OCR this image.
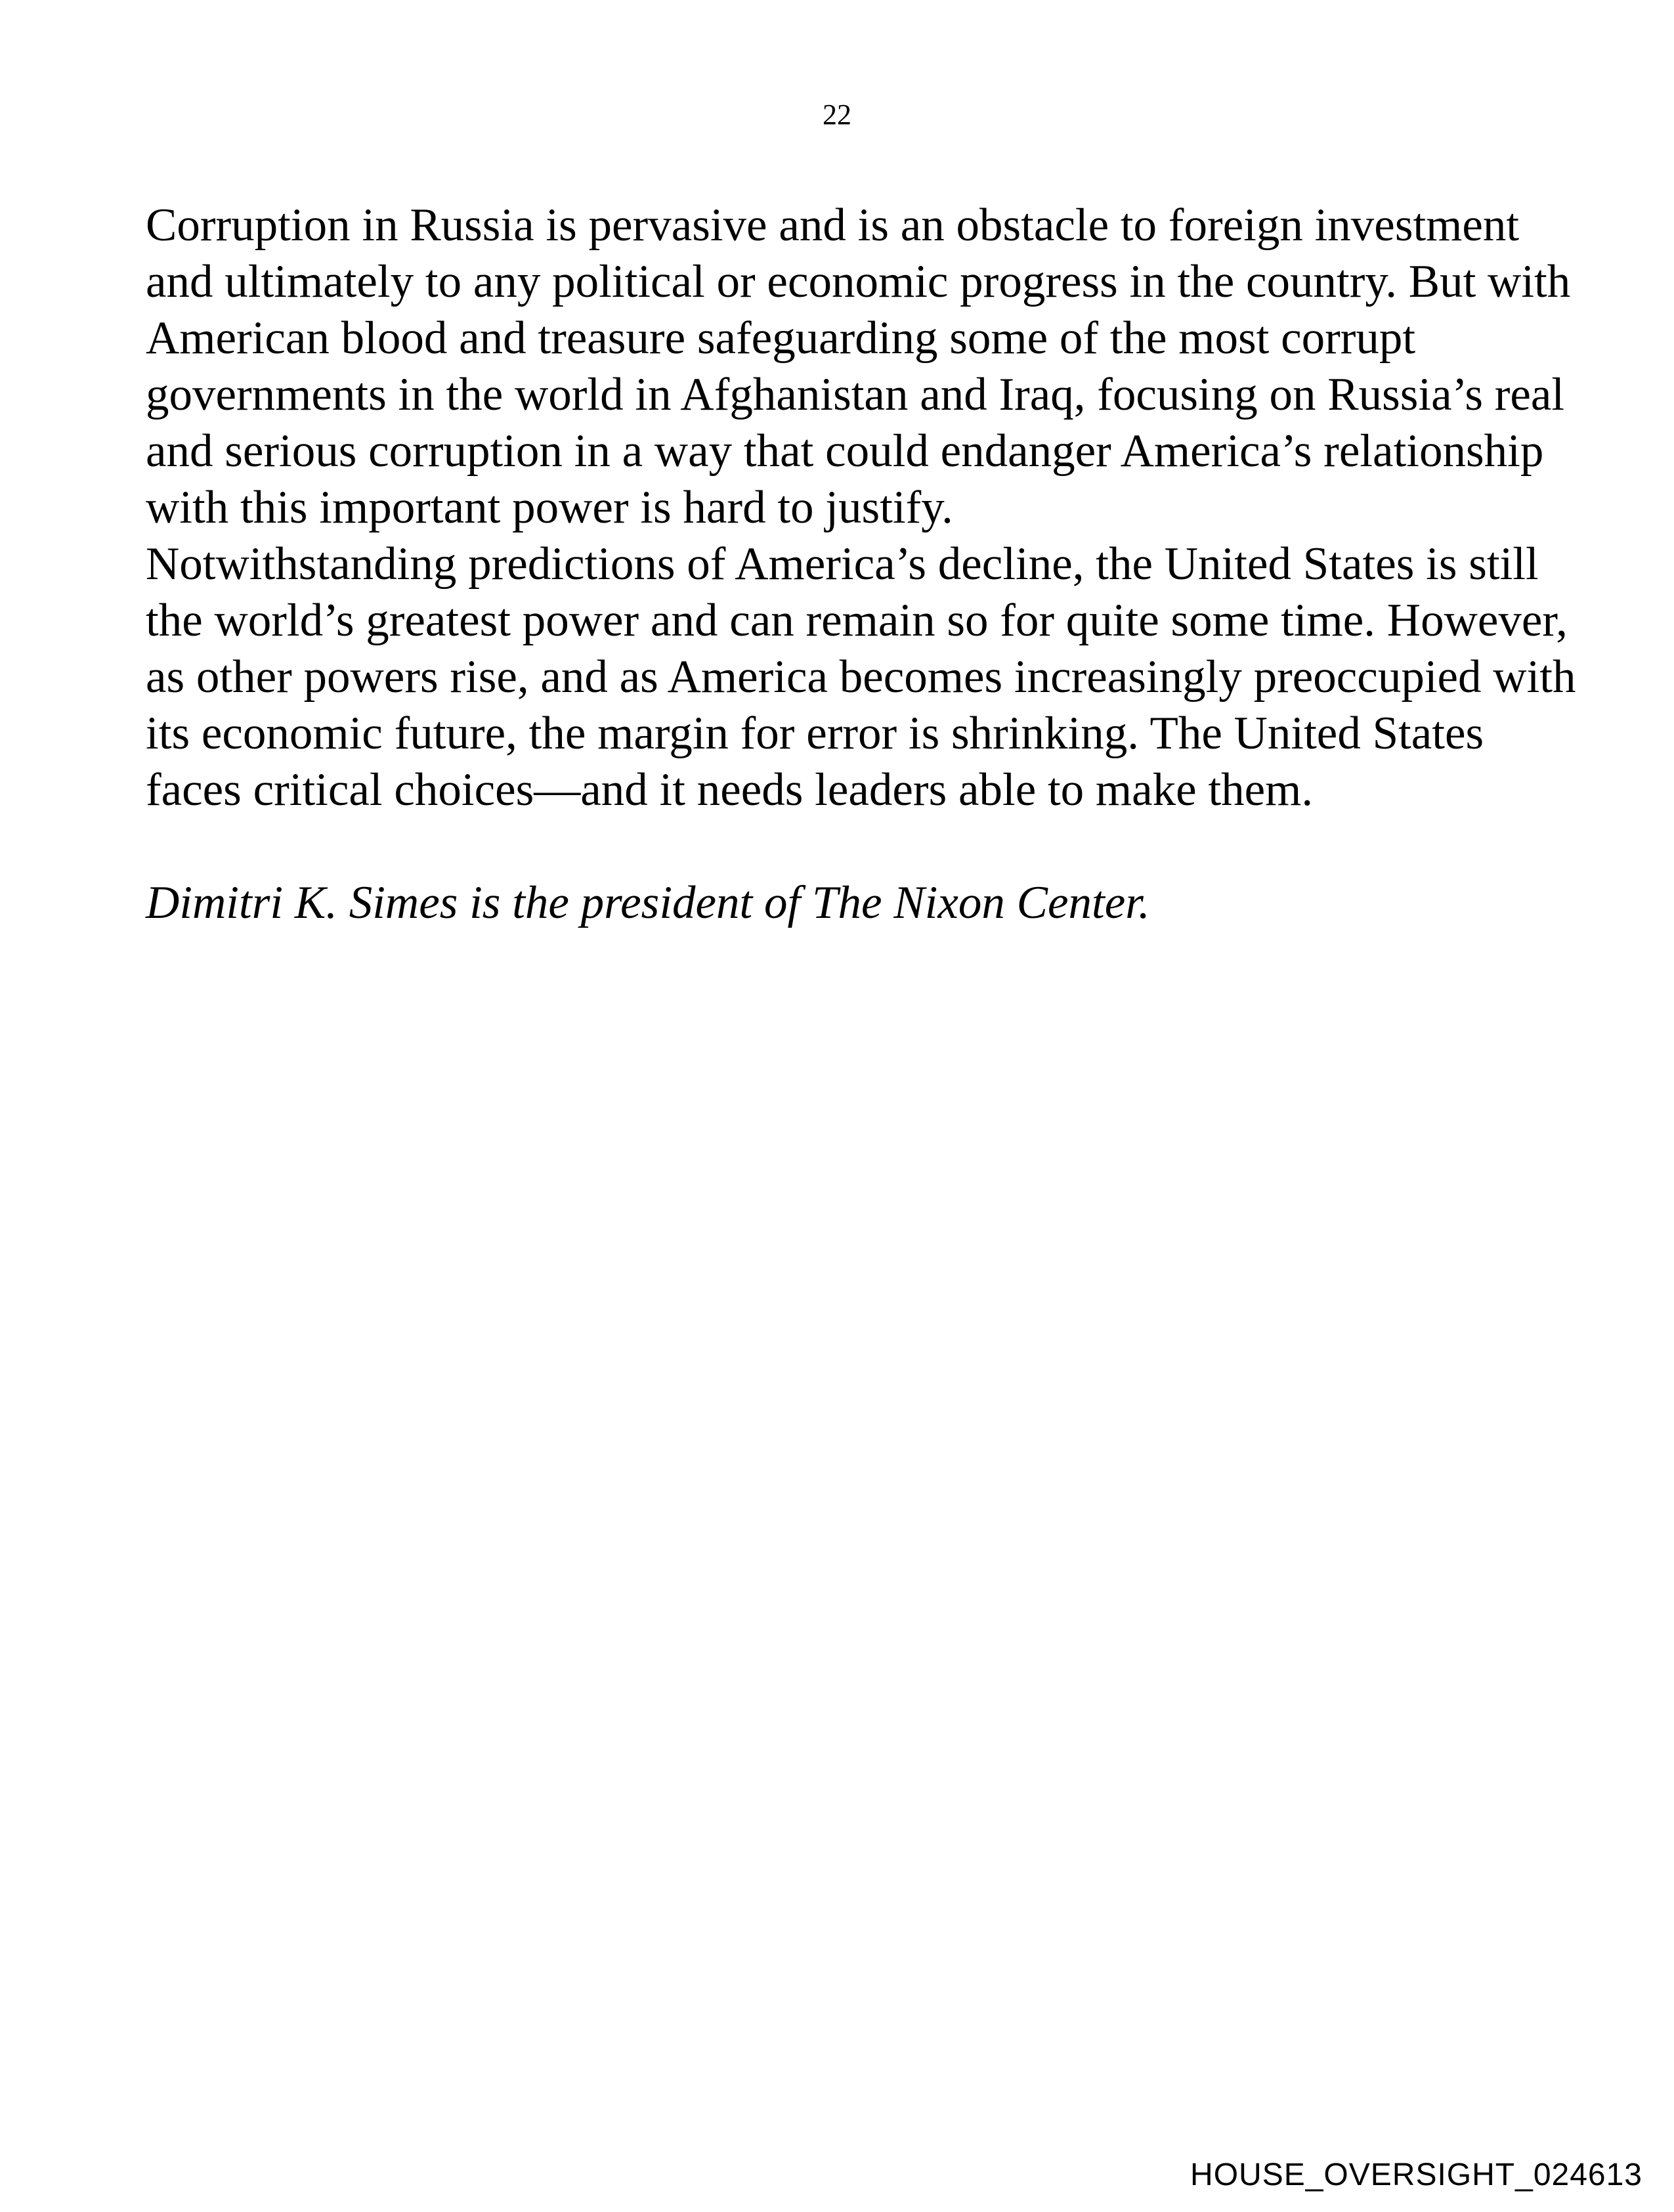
22

Corruption in Russia is pervasive and is an obstacle to foreign investment and ultimately to any political or economic progress in the country. But with American blood and treasure safeguarding some of the most corrupt governments in the world in Afghanistan and Iraq, focusing on Russia’s real and serious corruption in a way that could endanger America’s relationship with this important power is hard to justify.

Notwithstanding predictions of America’s decline, the United States is still the world’s greatest power and can remain so for quite some time. However, as other powers rise, and as America becomes increasingly preoccupied with its economic future, the margin for error is shrinking. The United States faces critical choices—and it needs leaders able to make them.

Dimitri K. Simes is the president of The Nixon Center.

HOUSE_OVERSIGHT_024613
